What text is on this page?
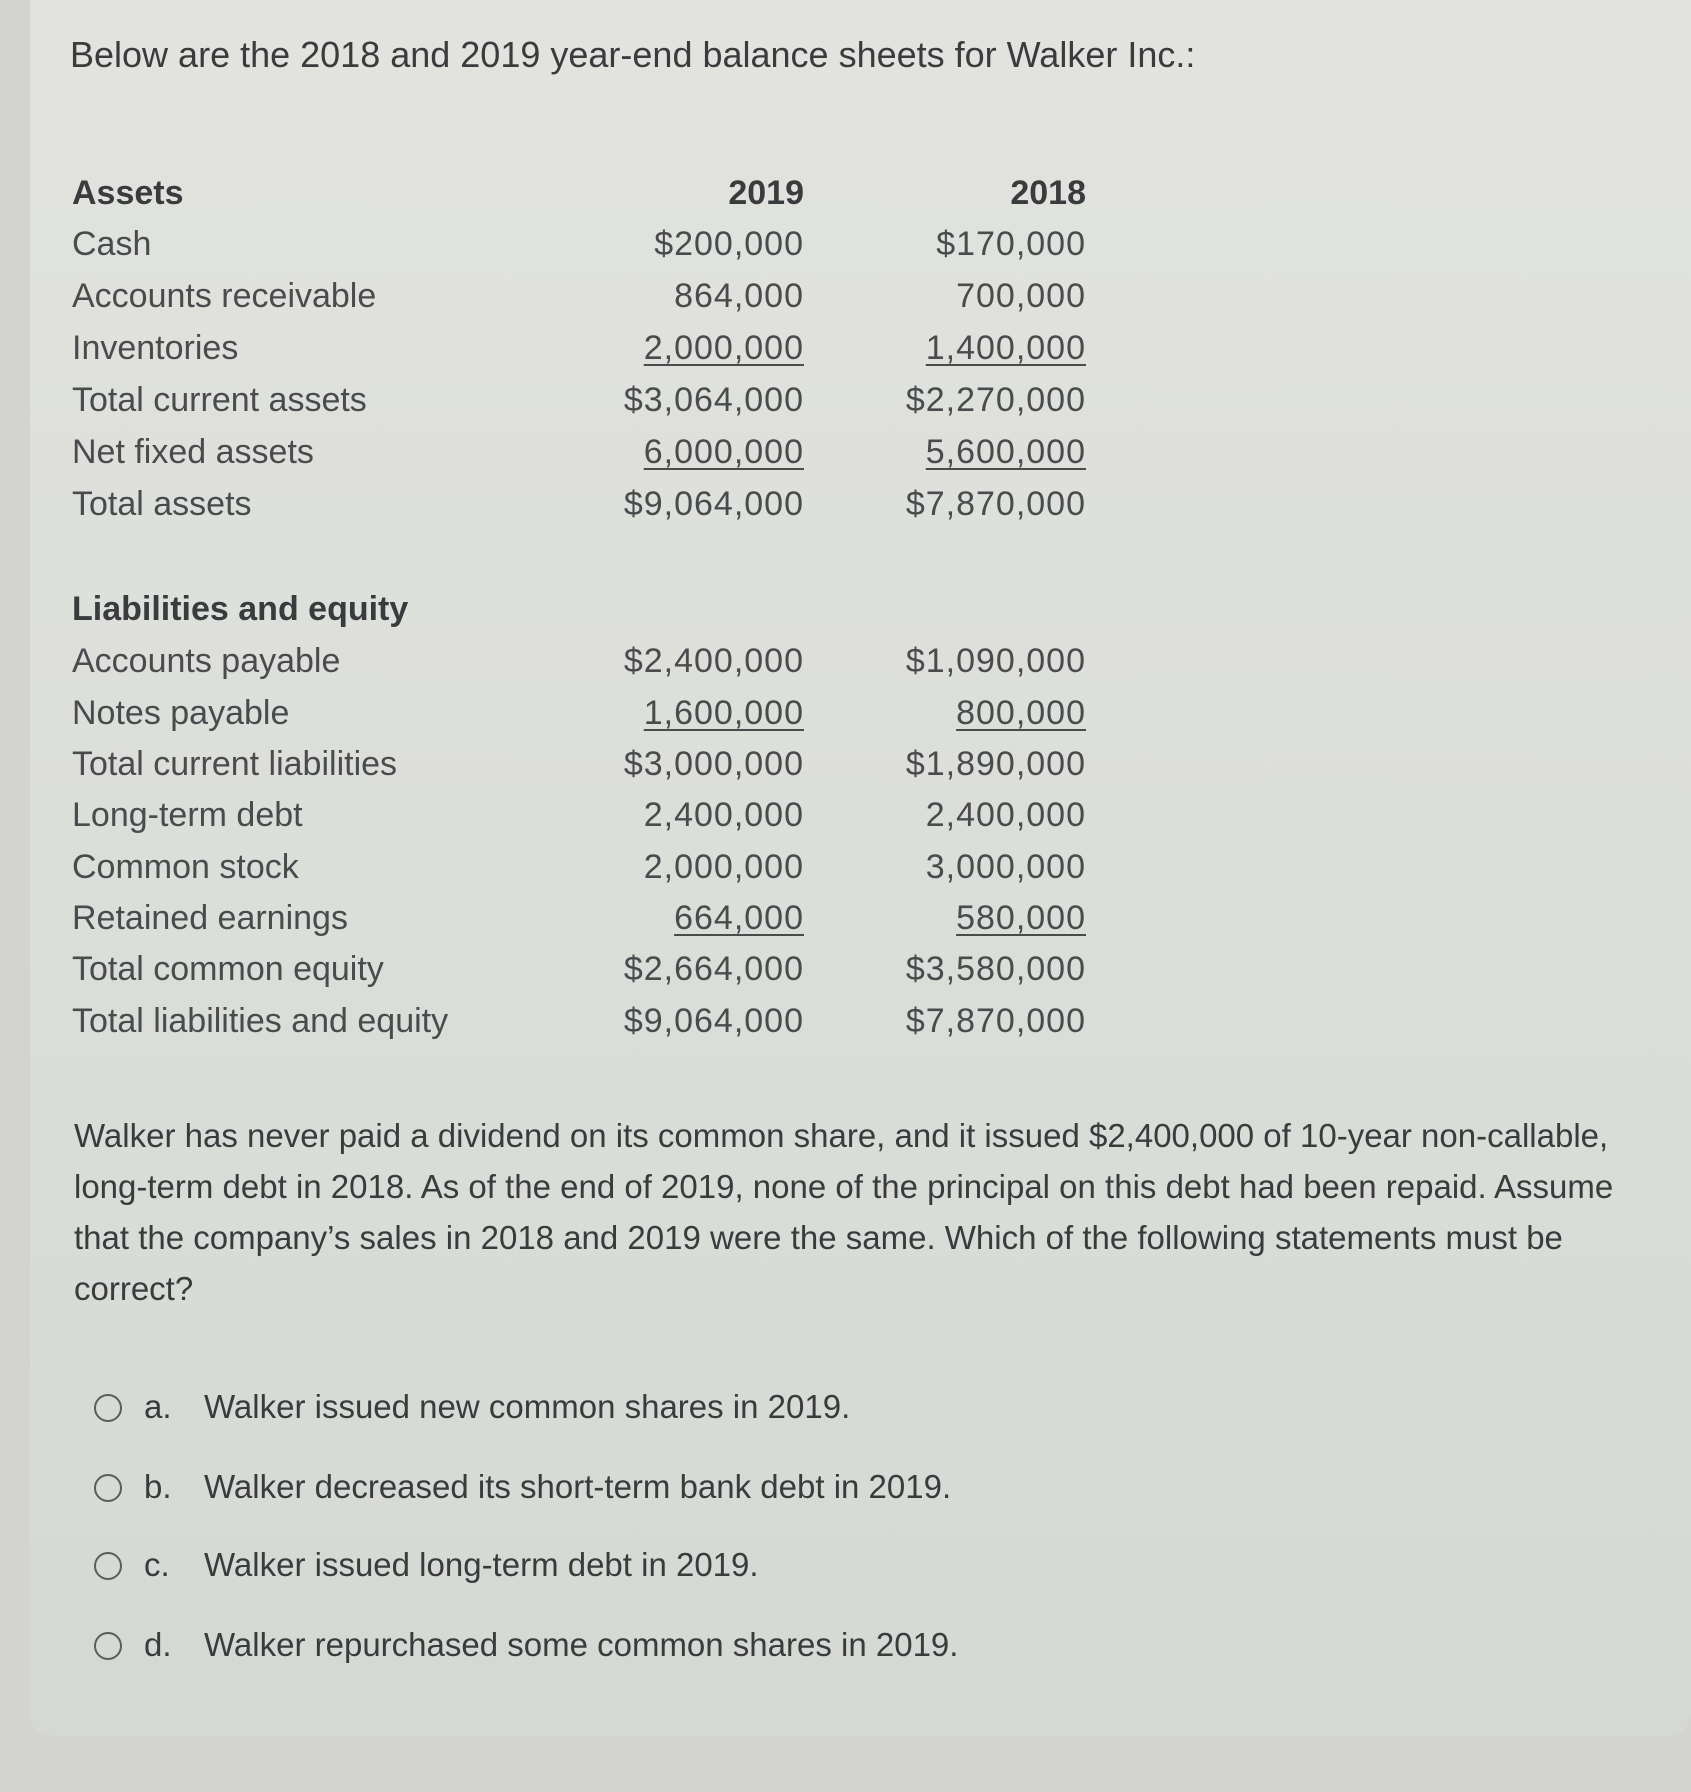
Below are the 2018 and 2019 year-end balance sheets for Walker Inc.:
Assets	2019	2018
Cash	$200,000	$170,000
Accounts receivable	864,000	700,000
Inventories	2,000,000	1,400,000
Total current assets	$3,064,000	$2,270,000
Net fixed assets	6,000,000	5,600,000
Total assets	$9,064,000	$7,870,000
Liabilities and equity
Accounts payable	$2,400,000	$1,090,000
Notes payable	1,600,000	800,000
Total current liabilities	$3,000,000	$1,890,000
Long-term debt	2,400,000	2,400,000
Common stock	2,000,000	3,000,000
Retained earnings	664,000	580,000
Total common equity	$2,664,000	$3,580,000
Total liabilities and equity	$9,064,000	$7,870,000
Walker has never paid a dividend on its common share, and it issued $2,400,000 of 10-year non-callable, long-term debt in 2018. As of the end of 2019, none of the principal on this debt had been repaid. Assume that the company’s sales in 2018 and 2019 were the same. Which of the following statements must be correct?
a. Walker issued new common shares in 2019.
b. Walker decreased its short-term bank debt in 2019.
c. Walker issued long-term debt in 2019.
d. Walker repurchased some common shares in 2019.
